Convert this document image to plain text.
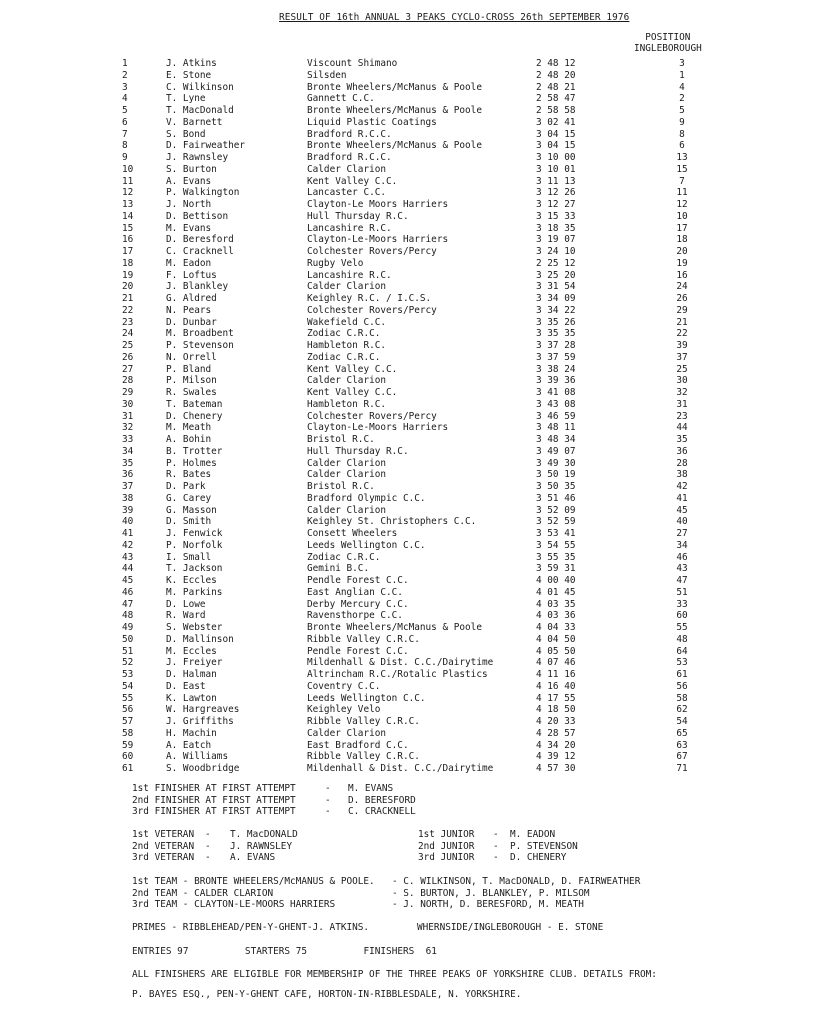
RESULT OF 16th ANNUAL 3 PEAKS CYCLO-CROSS 26th SEPTEMBER 1976
POSITION
INGLEBOROUGH
1	J. Atkins	Viscount Shimano	2 48 12	3
2	E. Stone	Silsden	2 48 20	1
3	C. Wilkinson	Bronte Wheelers/McManus & Poole	2 48 21	4
4	T. Lyne	Gannett C.C.	2 58 47	2
5	T. MacDonald	Bronte Wheelers/McManus & Poole	2 58 58	5
6	V. Barnett	Liquid Plastic Coatings	3 02 41	9
7	S. Bond	Bradford R.C.C.	3 04 15	8
8	D. Fairweather	Bronte Wheelers/McManus & Poole	3 04 15	6
9	J. Rawnsley	Bradford R.C.C.	3 10 00	13
10	S. Burton	Calder Clarion	3 10 01	15
11	A. Evans	Kent Valley C.C.	3 11 13	7
12	P. Walkington	Lancaster C.C.	3 12 26	11
13	J. North	Clayton-Le Moors Harriers	3 12 27	12
14	D. Bettison	Hull Thursday R.C.	3 15 33	10
15	M. Evans	Lancashire R.C.	3 18 35	17
16	D. Beresford	Clayton-Le-Moors Harriers	3 19 07	18
17	C. Cracknell	Colchester Rovers/Percy	3 24 10	20
18	M. Eadon	Rugby Velo	2 25 12	19
19	F. Loftus	Lancashire R.C.	3 25 20	16
20	J. Blankley	Calder Clarion	3 31 54	24
21	G. Aldred	Keighley R.C. / I.C.S.	3 34 09	26
22	N. Pears	Colchester Rovers/Percy	3 34 22	29
23	D. Dunbar	Wakefield C.C.	3 35 26	21
24	M. Broadbent	Zodiac C.R.C.	3 35 35	22
25	P. Stevenson	Hambleton R.C.	3 37 28	39
26	N. Orrell	Zodiac C.R.C.	3 37 59	37
27	P. Bland	Kent Valley C.C.	3 38 24	25
28	P. Milson	Calder Clarion	3 39 36	30
29	R. Swales	Kent Valley C.C.	3 41 08	32
30	T. Bateman	Hambleton R.C.	3 43 08	31
31	D. Chenery	Colchester Rovers/Percy	3 46 59	23
32	M. Meath	Clayton-Le-Moors Harriers	3 48 11	44
33	A. Bohin	Bristol R.C.	3 48 34	35
34	B. Trotter	Hull Thursday R.C.	3 49 07	36
35	P. Holmes	Calder Clarion	3 49 30	28
36	R. Bates	Calder Clarion	3 50 19	38
37	D. Park	Bristol R.C.	3 50 35	42
38	G. Carey	Bradford Olympic C.C.	3 51 46	41
39	G. Masson	Calder Clarion	3 52 09	45
40	D. Smith	Keighley St. Christophers C.C.	3 52 59	40
41	J. Fenwick	Consett Wheelers	3 53 41	27
42	P. Norfolk	Leeds Wellington C.C.	3 54 55	34
43	I. Small	Zodiac C.R.C.	3 55 35	46
44	T. Jackson	Gemini B.C.	3 59 31	43
45	K. Eccles	Pendle Forest C.C.	4 00 40	47
46	M. Parkins	East Anglian C.C.	4 01 45	51
47	D. Lowe	Derby Mercury C.C.	4 03 35	33
48	R. Ward	Ravensthorpe C.C.	4 03 36	60
49	S. Webster	Bronte Wheelers/McManus & Poole	4 04 33	55
50	D. Mallinson	Ribble Valley C.R.C.	4 04 50	48
51	M. Eccles	Pendle Forest C.C.	4 05 50	64
52	J. Freiyer	Mildenhall & Dist. C.C./Dairytime	4 07 46	53
53	D. Halman	Altrincham R.C./Rotalic Plastics	4 11 16	61
54	D. East	Coventry C.C.	4 16 40	56
55	K. Lawton	Leeds Wellington C.C.	4 17 55	58
56	W. Hargreaves	Keighley Velo	4 18 50	62
57	J. Griffiths	Ribble Valley C.R.C.	4 20 33	54
58	H. Machin	Calder Clarion	4 28 57	65
59	A. Eatch	East Bradford C.C.	4 34 20	63
60	A. Williams	Ribble Valley C.R.C.	4 39 12	67
61	S. Woodbridge	Mildenhall & Dist. C.C./Dairytime	4 57 30	71
1st FINISHER AT FIRST ATTEMPT	- M. EVANS
2nd FINISHER AT FIRST ATTEMPT	- D. BERESFORD
3rd FINISHER AT FIRST ATTEMPT	- C. CRACKNELL
1st VETERAN - T. MacDONALD	1st JUNIOR - M. EADON
2nd VETERAN - J. RAWNSLEY	2nd JUNIOR - P. STEVENSON
3rd VETERAN - A. EVANS	3rd JUNIOR - D. CHENERY
1st TEAM - BRONTE WHEELERS/McMANUS & POOLE. - C. WILKINSON, T. MacDONALD, D. FAIRWEATHER
2nd TEAM - CALDER CLARION	- S. BURTON, J. BLANKLEY, P. MILSOM
3rd TEAM - CLAYTON-LE-MOORS HARRIERS	- J. NORTH, D. BERESFORD, M. MEATH
PRIMES - RIBBLEHEAD/PEN-Y-GHENT-J. ATKINS.	WHERNSIDE/INGLEBOROUGH - E. STONE
ENTRIES 97	STARTERS 75	FINISHERS 61
ALL FINISHERS ARE ELIGIBLE FOR MEMBERSHIP OF THE THREE PEAKS OF YORKSHIRE CLUB. DETAILS FROM:
P. BAYES ESQ., PEN-Y-GHENT CAFE, HORTON-IN-RIBBLESDALE, N. YORKSHIRE.
